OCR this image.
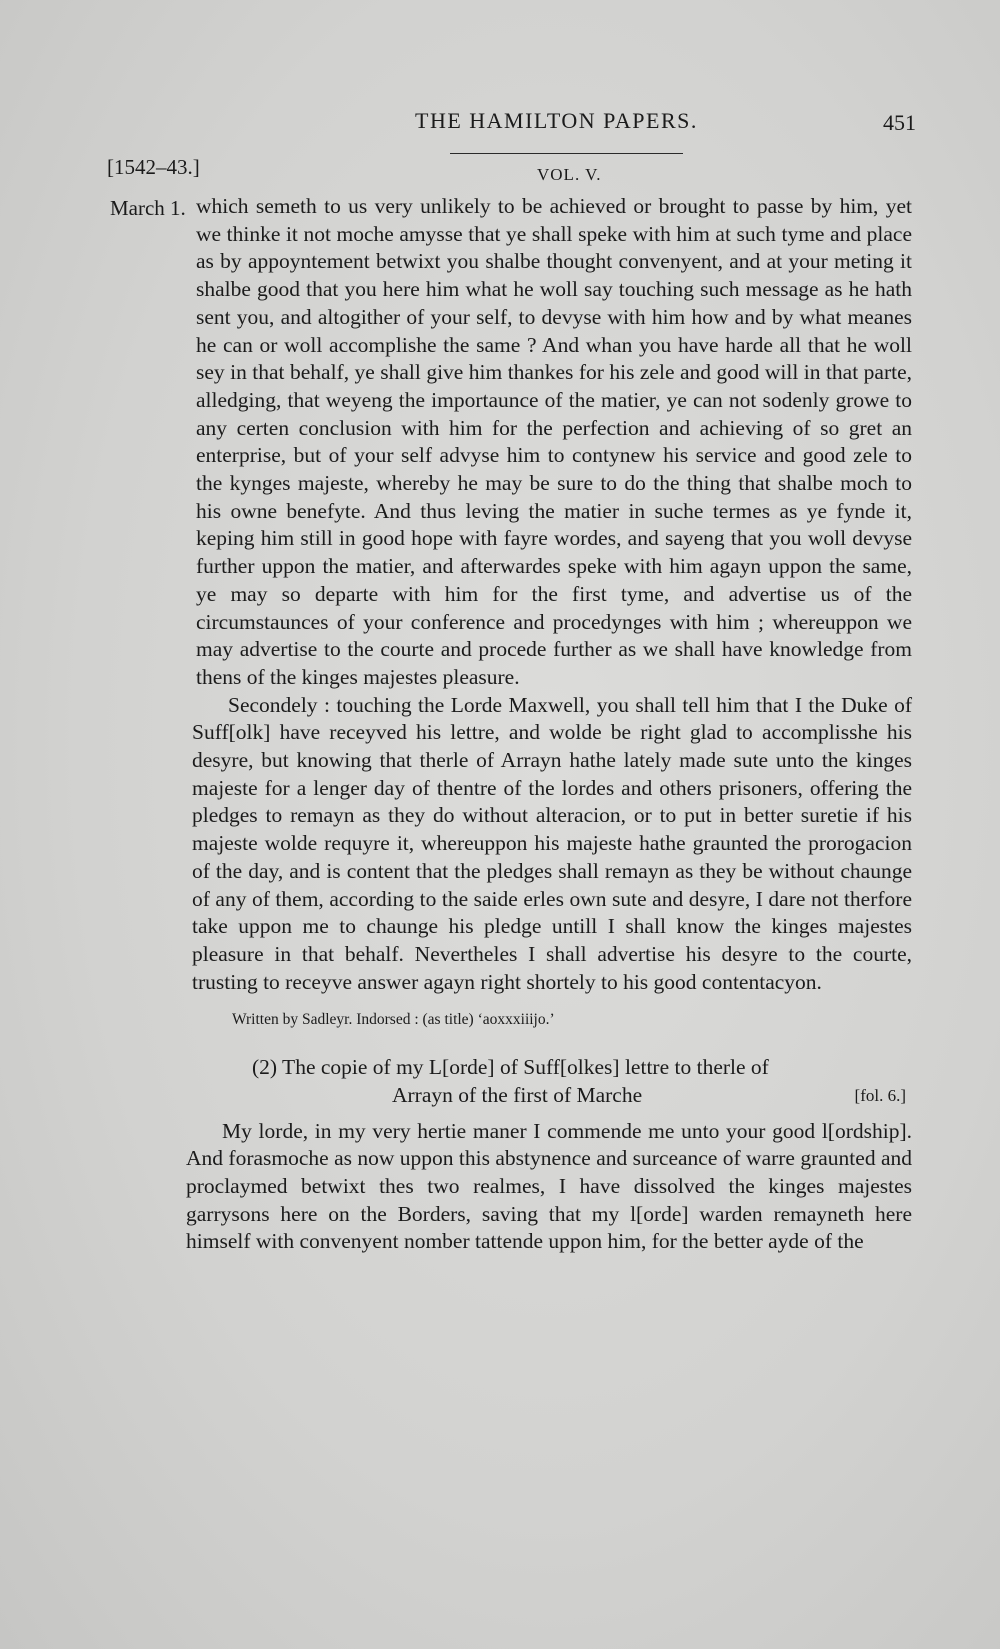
THE HAMILTON PAPERS.	451
[1542–43.]	VOL. V.
March 1. which semeth to us very unlikely to be achieved or brought to passe by him, yet we thinke it not moche amysse that ye shall speke with him at such tyme and place as by appoyntement betwixt you shalbe thought convenyent, and at your meting it shalbe good that you here him what he woll say touching such message as he hath sent you, and altogither of your self, to devyse with him how and by what meanes he can or woll accomplishe the same ? And whan you have harde all that he woll sey in that behalf, ye shall give him thankes for his zele and good will in that parte, alledging, that weyeng the importaunce of the matier, ye can not sodenly growe to any certen conclusion with him for the perfection and achieving of so gret an enterprise, but of your self advyse him to contynew his service and good zele to the kynges majeste, whereby he may be sure to do the thing that shalbe moch to his owne benefyte. And thus leving the matier in suche termes as ye fynde it, keping him still in good hope with fayre wordes, and sayeng that you woll devyse further uppon the matier, and afterwardes speke with him agayn uppon the same, ye may so departe with him for the first tyme, and advertise us of the circumstaunces of your conference and procedynges with him ; whereuppon we may advertise to the courte and procede further as we shall have knowledge from thens of the kinges majestes pleasure.

Secondely : touching the Lorde Maxwell, you shall tell him that I the Duke of Suff[olk] have receyved his lettre, and wolde be right glad to accomplisshe his desyre, but knowing that therle of Arrayn hathe lately made sute unto the kinges majeste for a lenger day of thentre of the lordes and others prisoners, offering the pledges to remayn as they do without alteracion, or to put in better suretie if his majeste wolde requyre it, whereuppon his majeste hathe graunted the prorogacion of the day, and is content that the pledges shall remayn as they be without chaunge of any of them, according to the saide erles own sute and desyre, I dare not therfore take uppon me to chaunge his pledge untill I shall know the kinges majestes pleasure in that behalf. Nevertheles I shall advertise his desyre to the courte, trusting to receyve answer agayn right shortely to his good contentacyon.

Written by Sadleyr. Indorsed : (as title) ‘aoxxxiiijo.’

(2) The copie of my L[orde] of Suff[olkes] lettre to therle of
Arrayn of the first of Marche	[fol. 6.]

My lorde, in my very hertie maner I commende me unto your good l[ordship]. And forasmoche as now uppon this abstynence and surceance of warre graunted and proclaymed betwixt thes two realmes, I have dissolved the kinges majestes garrysons here on the Borders, saving that my l[orde] warden remayneth here himself with convenyent nomber tattende uppon him, for the better ayde of the
